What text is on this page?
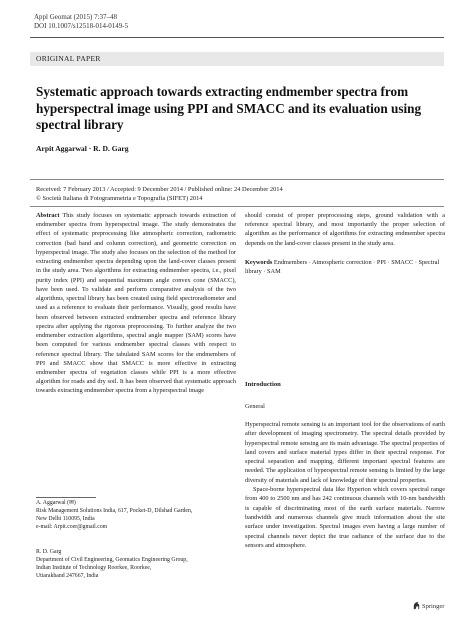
Appl Geomat (2015) 7:37–48
DOI 10.1007/s12518-014-0149-5
ORIGINAL PAPER
Systematic approach towards extracting endmember spectra from hyperspectral image using PPI and SMACC and its evaluation using spectral library
Arpit Aggarwal · R. D. Garg
Received: 7 February 2013 / Accepted: 9 December 2014 / Published online: 24 December 2014
© Società Italiana di Fotogrammetria e Topografia (SIFET) 2014
Abstract This study focuses on systematic approach towards extraction of endmember spectra from hyperspectral image. The study demonstrates the effect of systematic preprocessing like atmospheric correction, radiometric correction (bad band and column correction), and geometric correction on hyperspectral image. The study also focuses on the selection of the method for extracting endmember spectra depending upon the land-cover classes present in the study area. Two algorithms for extracting endmember spectra, i.e., pixel purity index (PPI) and sequential maximum angle convex cone (SMACC), have been used. To validate and perform comparative analysis of the two algorithms, spectral library has been created using field spectroradiometer and used as a reference to evaluate their performance. Visually, good results have been observed between extracted endmember spectra and reference library spectra after applying the rigorous preprocessing. To further analyze the two endmember extraction algorithms, spectral angle mapper (SAM) scores have been computed for various endmember spectral classes with respect to reference spectral library. The tabulated SAM scores for the endmembers of PPI and SMACC show that SMACC is more effective in extracting endmember spectra of vegetation classes while PPI is a more effective algorithm for roads and dry soil. It has been observed that systematic approach towards extracting endmember spectra from a hyperspectral image
should consist of proper preprocessing steps, ground validation with a reference spectral library, and most importantly the proper selection of algorithm as the performance of algorithms for extracting endmember spectra depends on the land-cover classes present in the study area.
Keywords Endmembers · Atmospheric correction · PPI · SMACC · Spectral library · SAM
Introduction
General
Hyperspectral remote sensing is an important tool for the observations of earth after development of imaging spectrometry. The spectral details provided by hyperspectral remote sensing are its main advantage. The spectral properties of land covers and surface material types differ in their spectral response. For spectral separation and mapping, different important spectral features are needed. The application of hyperspectral remote sensing is limited by the large diversity of materials and lack of knowledge of their spectral properties.
Space-borne hyperspectral data like Hyperion which covers spectral range from 400 to 2500 nm and has 242 continuous channels with 10-nm bandwidth is capable of discriminating most of the earth surface materials. Narrow bandwidth and numerous channels give much information about the site surface under investigation. Spectral images even having a large number of spectral channels never depict the true radiance of the surface due to the sensors and atmosphere.
A. Aggarwal (✉)
Risk Management Solutions India, 617, Pocket-D, Dilshad Garden,
New Delhi 110095, India
e-mail: Arpit.coer@gmail.com
R. D. Garg
Department of Civil Engineering, Geomatics Engineering Group,
Indian Institute of Technology Roorkee, Roorkee,
Uttarakhand 247667, India
Springer
